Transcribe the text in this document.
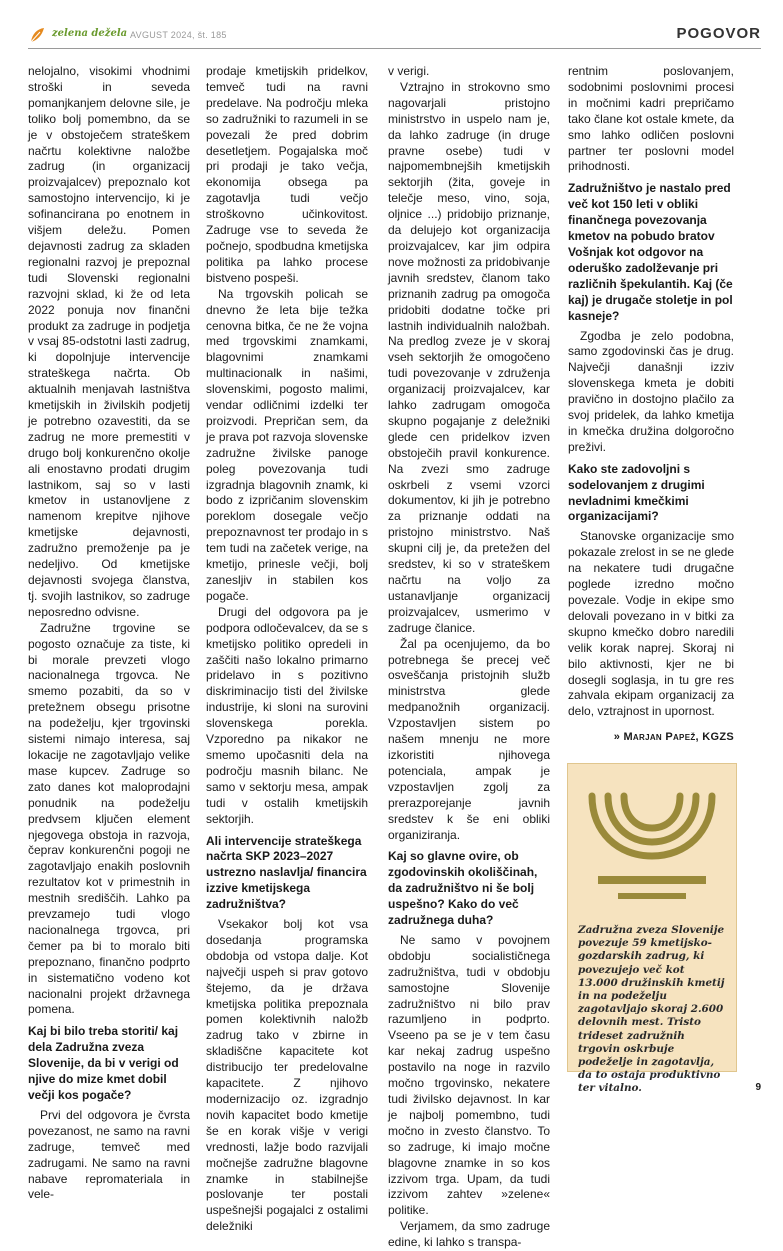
zelena dežela AVGUST 2024, št. 185	POGOVOR

nelojalno, visokimi vhodnimi stroški in seveda pomanjkanjem delovne sile, je toliko bolj pomembno, da se je v obstoječem strateškem načrtu kolektivne naložbe zadrug (in organizacij proizvajalcev) prepoznalo kot samostojno intervencijo, ki je sofinancirana po enotnem in višjem deležu. Pomen dejavnosti zadrug za skladen regionalni razvoj je prepoznal tudi Slovenski regionalni razvojni sklad, ki že od leta 2022 ponuja nov finančni produkt za zadruge in podjetja v vsaj 85-odstotni lasti zadrug, ki dopolnjuje intervencije strateškega načrta. Ob aktualnih menjavah lastništva kmetijskih in živilskih podjetij je potrebno ozavestiti, da se zadrug ne more premestiti v drugo bolj konkurenčno okolje ali enostavno prodati drugim lastnikom, saj so v lasti kmetov in ustanovljene z namenom krepitve njihove kmetijske dejavnosti, zadružno premoženje pa je nedeljivo. Od kmetijske dejavnosti svojega članstva, tj. svojih lastnikov, so zadruge neposredno odvisne.

Zadružne trgovine se pogosto označuje za tiste, ki bi morale prevzeti vlogo nacionalnega trgovca. Ne smemo pozabiti, da so v pretežnem obsegu prisotne na podeželju, kjer trgovinski sistemi nimajo interesa, saj lokacije ne zagotavljajo velike mase kupcev. Zadruge so zato danes kot maloprodajni ponudnik na podeželju predvsem ključen element njegovega obstoja in razvoja, čeprav konkurenčni pogoji ne zagotavljajo enakih poslovnih rezultatov kot v primestnih in mestnih središčih. Lahko pa prevzamejo tudi vlogo nacionalnega trgovca, pri čemer pa bi to moralo biti prepoznano, finančno podprto in sistematično vodeno kot nacionalni projekt državnega pomena.

Kaj bi bilo treba storiti/ kaj dela Zadružna zveza Slovenije, da bi v verigi od njive do mize kmet dobil večji kos pogače?

Prvi del odgovora je čvrsta povezanost, ne samo na ravni zadruge, temveč med zadrugami. Ne samo na ravni nabave repromateriala in vele-

prodaje kmetijskih pridelkov, temveč tudi na ravni predelave. Na področju mleka so zadružniki to razumeli in se povezali že pred dobrim desetletjem. Pogajalska moč pri prodaji je tako večja, ekonomija obsega pa zagotavlja tudi večjo stroškovno učinkovitost. Zadruge vse to seveda že počnejo, spodbudna kmetijska politika pa lahko procese bistveno pospeši.

Na trgovskih policah se dnevno že leta bije težka cenovna bitka, če ne že vojna med trgovskimi znamkami, blagovnimi znamkami multinacionalk in našimi, slovenskimi, pogosto malimi, vendar odličnimi izdelki ter proizvodi. Prepričan sem, da je prava pot razvoja slovenske zadružne živilske panoge poleg povezovanja tudi izgradnja blagovnih znamk, ki bodo z izpričanim slovenskim poreklom dosegale večjo prepoznavnost ter prodajo in s tem tudi na začetek verige, na kmetijo, prinesle večji, bolj zanesljiv in stabilen kos pogače.

Drugi del odgovora pa je podpora odločevalcev, da se s kmetijsko politiko opredeli in zaščiti našo lokalno primarno pridelavo in s pozitivno diskriminacijo tisti del živilske industrije, ki sloni na surovini slovenskega porekla. Vzporedno pa nikakor ne smemo upočasniti dela na področju masnih bilanc. Ne samo v sektorju mesa, ampak tudi v ostalih kmetijskih sektorjih.

Ali intervencije strateškega načrta SKP 2023–2027 ustrezno naslavlja/ financira izzive kmetijskega zadružništva?

Vsekakor bolj kot vsa dosedanja programska obdobja od vstopa dalje. Kot največji uspeh si prav gotovo štejemo, da je država kmetijska politika prepoznala pomen kolektivnih naložb zadrug tako v zbirne in skladiščne kapacitete kot distribucijo ter predelovalne kapacitete. Z njihovo modernizacijo oz. izgradnjo novih kapacitet bodo kmetije še en korak višje v verigi vrednosti, lažje bodo razvijali močnejše zadružne blagovne znamke in stabilnejše poslovanje ter postali uspešnejši pogajalci z ostalimi deležniki

v verigi.

Vztrajno in strokovno smo nagovarjali pristojno ministrstvo in uspelo nam je, da lahko zadruge (in druge pravne osebe) tudi v najpomembnejših kmetijskih sektorjih (žita, goveje in telečje meso, vino, soja, oljnice ...) pridobijo priznanje, da delujejo kot organizacija proizvajalcev, kar jim odpira nove možnosti za pridobivanje javnih sredstev, članom tako priznanih zadrug pa omogoča pridobiti dodatne točke pri lastnih individualnih naložbah. Na predlog zveze je v skoraj vseh sektorjih že omogočeno tudi povezovanje v združenja organizacij proizvajalcev, kar lahko zadrugam omogoča skupno pogajanje z deležniki glede cen pridelkov izven obstoječih pravil konkurence. Na zvezi smo zadruge oskrbeli z vsemi vzorci dokumentov, ki jih je potrebno za priznanje oddati na pristojno ministrstvo. Naš skupni cilj je, da pretežen del sredstev, ki so v strateškem načrtu na voljo za ustanavljanje organizacij proizvajalcev, usmerimo v zadruge članice.

Žal pa ocenjujemo, da bo potrebnega še precej več osveščanja pristojnih služb ministrstva glede medpanožnih organizacij. Vzpostavljen sistem po našem mnenju ne more izkoristiti njihovega potenciala, ampak je vzpostavljen zgolj za prerazporejanje javnih sredstev k še eni obliki organiziranja.

Kaj so glavne ovire, ob zgodovinskih okoliščinah, da zadružništvo ni še bolj uspešno? Kako do več zadružnega duha?

Ne samo v povojnem obdobju socialističnega zadružništva, tudi v obdobju samostojne Slovenije zadružništvo ni bilo prav razumljeno in podprto. Vseeno pa se je v tem času kar nekaj zadrug uspešno postavilo na noge in razvilo močno trgovinsko, nekatere tudi živilsko dejavnost. In kar je najbolj pomembno, tudi močno in zvesto članstvo. To so zadruge, ki imajo močne blagovne znamke in so kos izzivom trga. Upam, da tudi izzivom zahtev »zelene« politike.

Verjamem, da smo zadruge edine, ki lahko s transpa-

rentnim poslovanjem, sodobnimi poslovnimi procesi in močnimi kadri prepričamo tako člane kot ostale kmete, da smo lahko odličen poslovni partner ter poslovni model prihodnosti.

Zadružništvo je nastalo pred več kot 150 leti v obliki finančnega povezovanja kmetov na pobudo bratov Vošnjak kot odgovor na oderuško zadolževanje pri različnih špekulantih. Kaj (če kaj) je drugače stoletje in pol kasneje?

Zgodba je zelo podobna, samo zgodovinski čas je drug. Največji današnji izziv slovenskega kmeta je dobiti pravično in dostojno plačilo za svoj pridelek, da lahko kmetija in kmečka družina dolgoročno preživi.

Kako ste zadovoljni s sodelovanjem z drugimi nevladnimi kmečkimi organizacijami?

Stanovske organizacije smo pokazale zrelost in se ne glede na nekatere tudi drugačne poglede izredno močno povezale. Vodje in ekipe smo delovali povezano in v bitki za skupno kmečko dobro naredili velik korak naprej. Skoraj ni bilo aktivnosti, kjer ne bi dosegli soglasja, in tu gre res zahvala ekipam organizacij za delo, vztrajnost in upornost.

» Marjan Papež, KGZS
Zadružna zveza Slovenije povezuje 59 kmetijsko-gozdarskih zadrug, ki povezujejo več kot 13.000 družinskih kmetij in na podeželju zagotavljajo skoraj 2.600 delovnih mest. Tristo trideset zadružnih trgovin oskrbuje podeželje in zagotavlja, da to ostaja produktivno ter vitalno.	9
